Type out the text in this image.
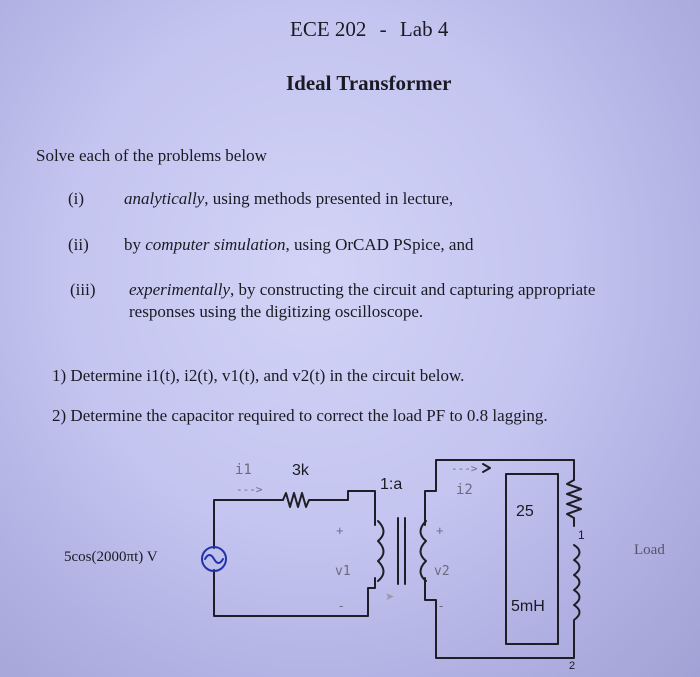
ECE 202 - Lab 4
Ideal Transformer
Solve each of the problems below
(i) analytically, using methods presented in lecture,
(ii) by computer simulation, using OrCAD PSpice, and
(iii) experimentally, by constructing the circuit and capturing appropriate
responses using the digitizing oscilloscope.
1) Determine i1(t), i2(t), v1(t), and v2(t) in the circuit below.
2) Determine the capacitor required to correct the load PF to 0.8 lagging.
➤
5cos(2000πt) V
i1
--->
3k
1:a
--->
i2
+
v1
-
+
v2
-
25
5mH
1
2
Load
